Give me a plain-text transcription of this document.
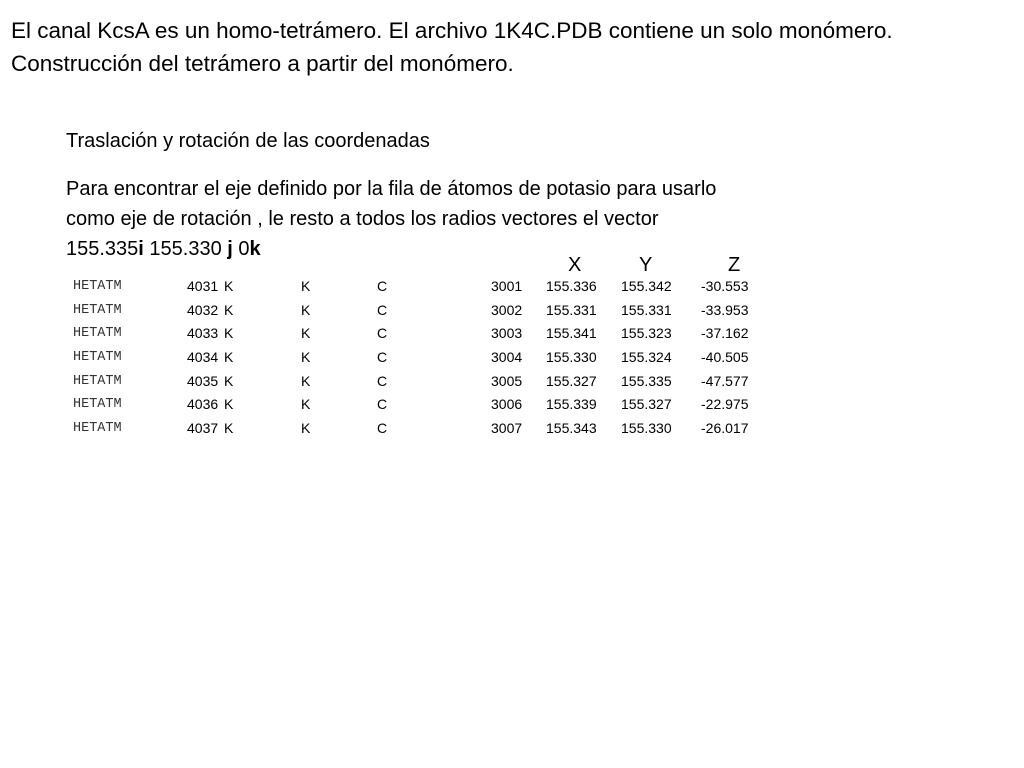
El canal KcsA es un homo-tetrámero. El archivo 1K4C.PDB contiene un solo monómero.
Construcción del tetrámero a partir del monómero.
Traslación y rotación de las coordenadas
Para encontrar el eje definido por la fila de átomos de potasio para usarlo
como eje de rotación , le resto a todos los radios vectores el vector
155.335i 155.330 j 0k
X	Y	Z
HETATM	4031 K	K	C	3001 155.336 155.342 -30.553
HETATM	4032 K	K	C	3002 155.331 155.331 -33.953
HETATM	4033 K	K	C	3003 155.341 155.323 -37.162
HETATM	4034 K	K	C	3004 155.330 155.324 -40.505
HETATM	4035 K	K	C	3005 155.327 155.335 -47.577
HETATM	4036 K	K	C	3006 155.339 155.327 -22.975
HETATM	4037 K	K	C	3007 155.343 155.330 -26.017
